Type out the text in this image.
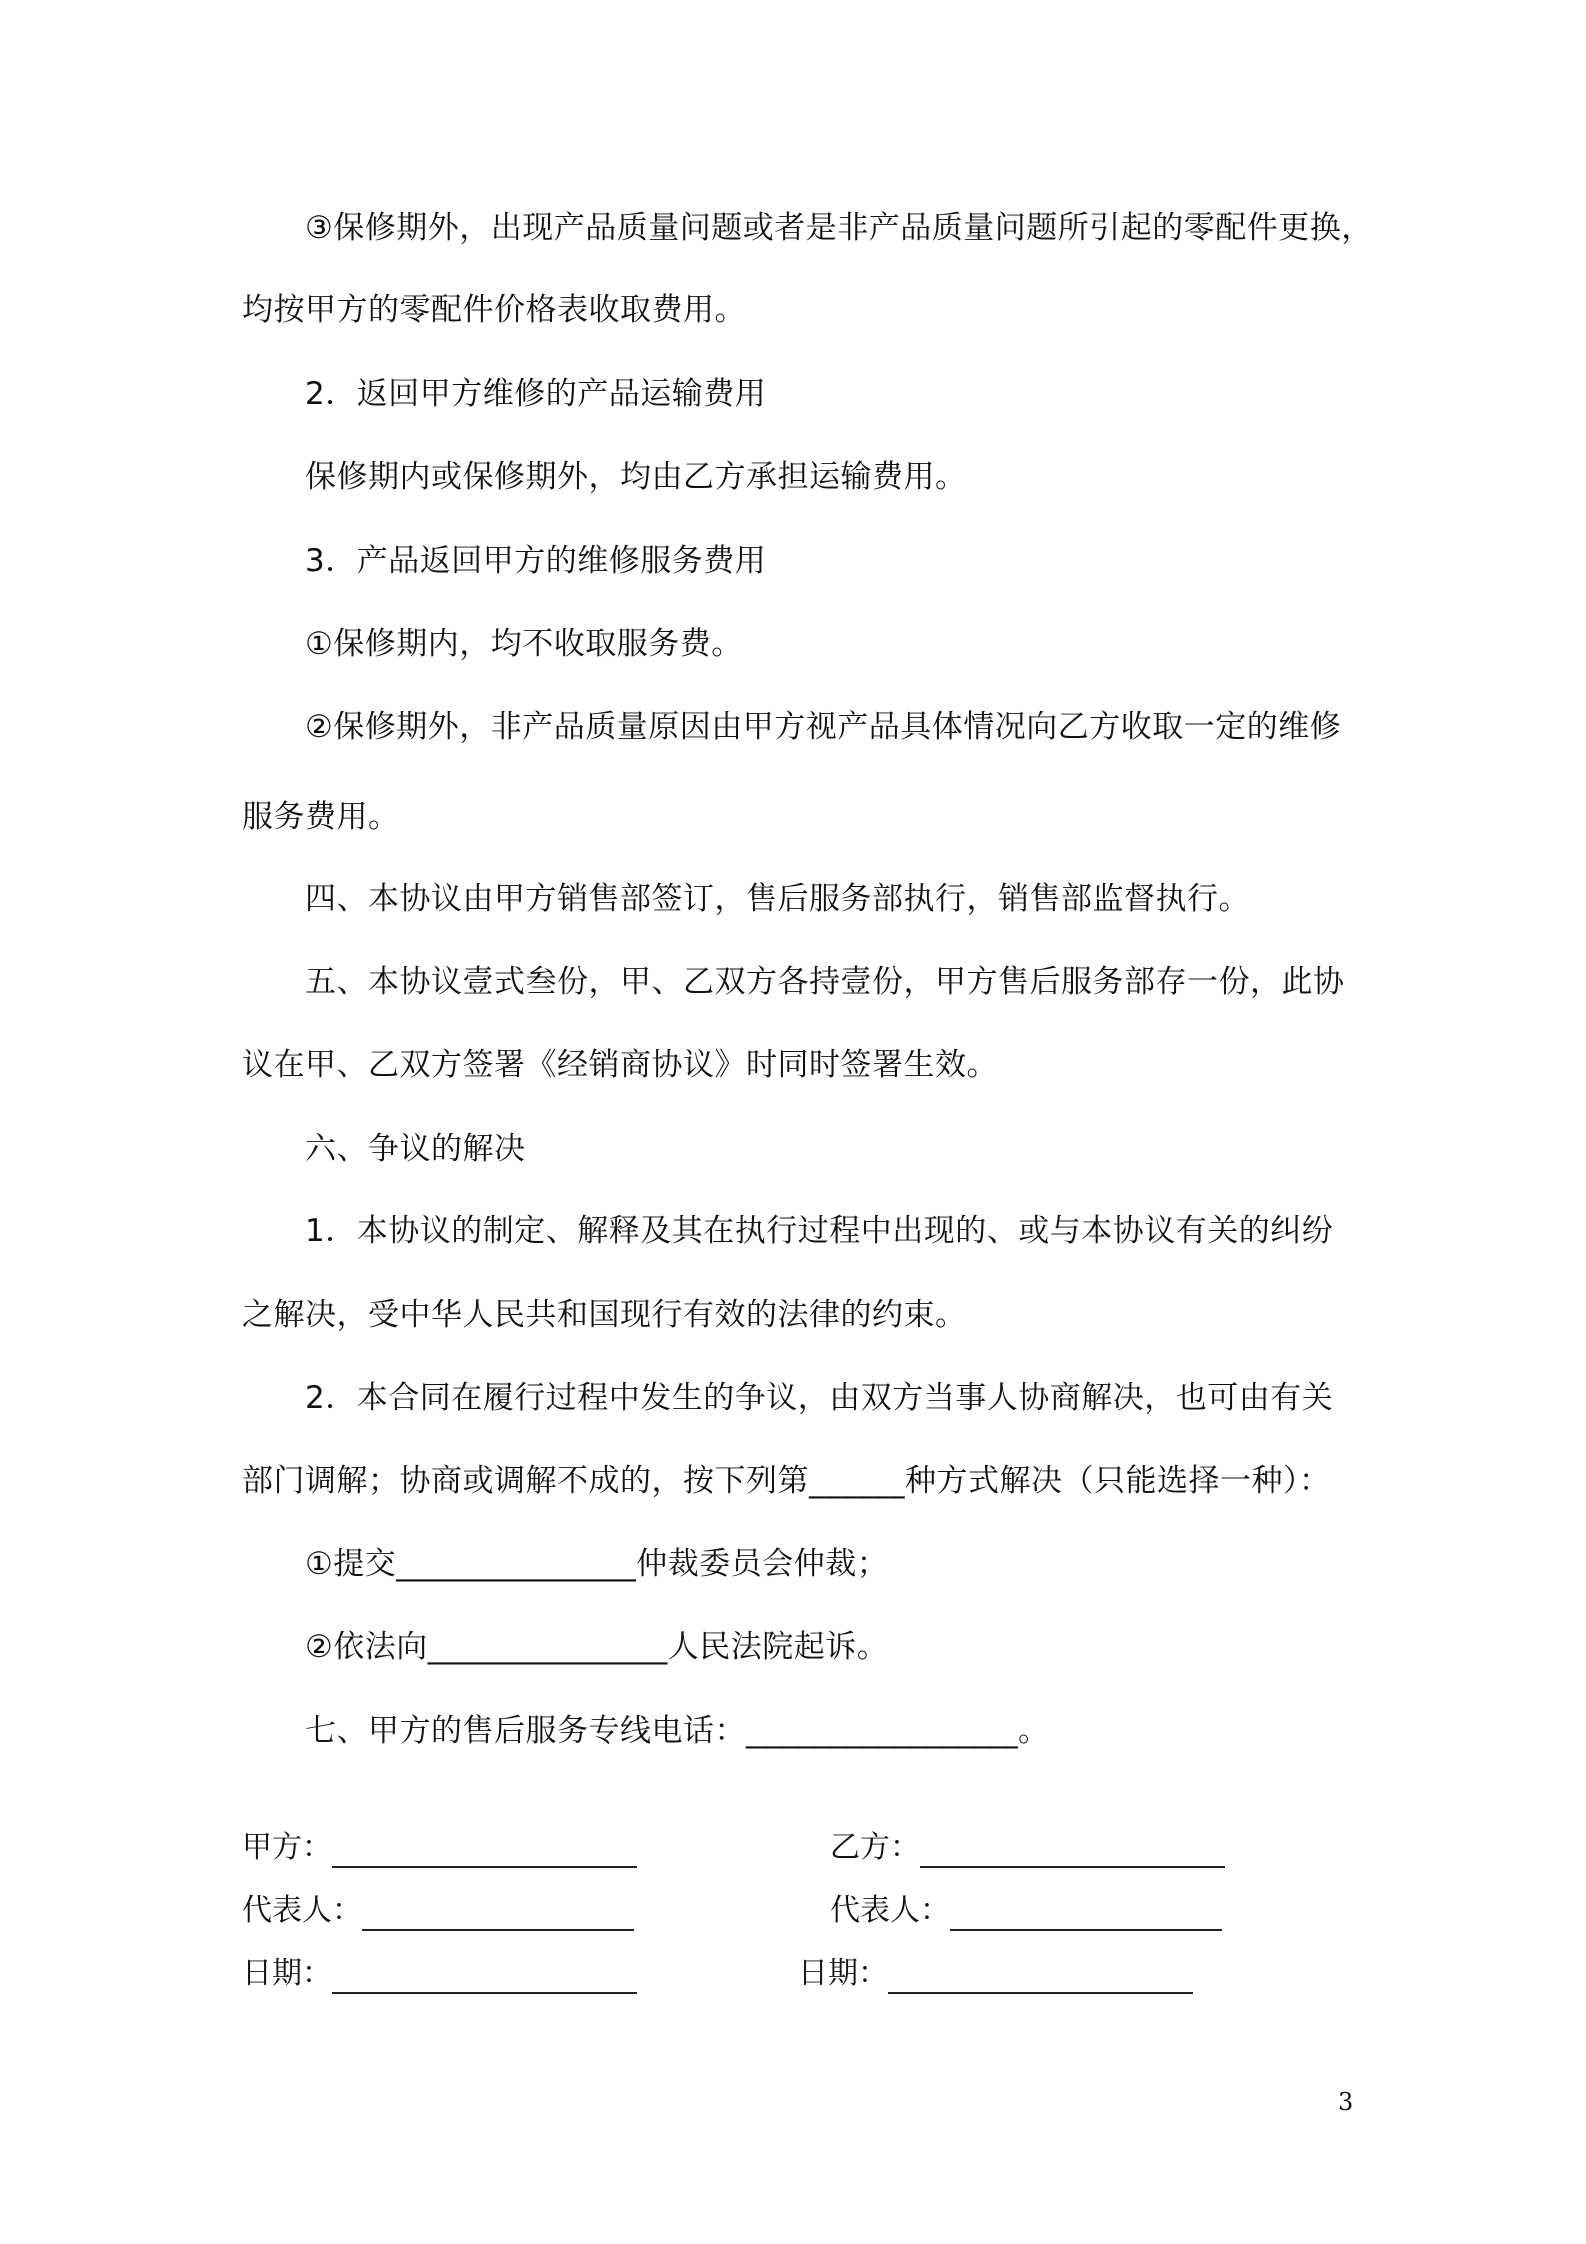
③保修期外，出现产品质量问题或者是非产品质量问题所引起的零配件更换，
均按甲方的零配件价格表收取费用。
2．返回甲方维修的产品运输费用
保修期内或保修期外，均由乙方承担运输费用。
3．产品返回甲方的维修服务费用
①保修期内，均不收取服务费。
②保修期外，非产品质量原因由甲方视产品具体情况向乙方收取一定的维修
服务费用。
四、本协议由甲方销售部签订，售后服务部执行，销售部监督执行。
五、本协议壹式叁份，甲、乙双方各持壹份，甲方售后服务部存一份，此协
议在甲、乙双方签署《经销商协议》时同时签署生效。
六、争议的解决
1．本协议的制定、解释及其在执行过程中出现的、或与本协议有关的纠纷
之解决，受中华人民共和国现行有效的法律的约束。
2．本合同在履行过程中发生的争议，由双方当事人协商解决，也可由有关
部门调解；协商或调解不成的，按下列第______种方式解决（只能选择一种）：
①提交_______________仲裁委员会仲裁；
②依法向_______________人民法院起诉。
七、甲方的售后服务专线电话：_________________。
甲方：	乙方：
代表人：	代表人：
日期：	日期：
3
